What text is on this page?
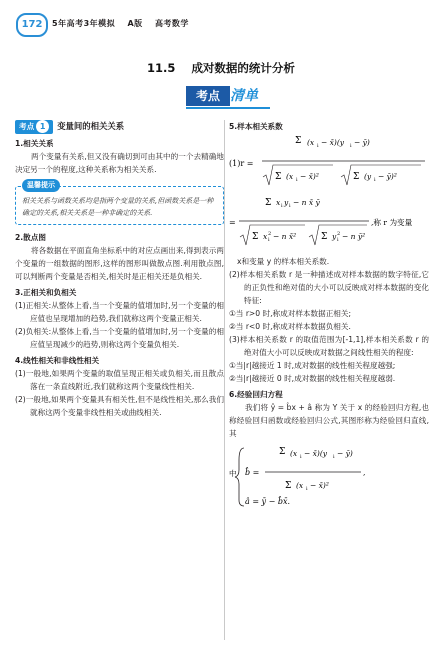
172	5年高考3年模拟 A版 高考数学
11.5 成对数据的统计分析
考点 清单
考点 1 变量间的相关关系
1.相关关系
两个变量有关系,但又没有确切到可由其中的一个去精确地决定另一个的程度,这种关系称为相关关系.
温馨提示
相关关系与函数关系均是指两个变量的关系,但函数关系是一种确定的关系,相关关系是一种非确定的关系.
2.散点图
将各数据在平面直角坐标系中的对应点画出来,得到表示两个变量的一组数据的图形,这样的图形叫做散点图.利用散点图,可以判断两个变量是否相关,相关时是正相关还是负相关.
3.正相关和负相关
(1)正相关:从整体上看,当一个变量的值增加时,另一个变量的相应值也呈现增加的趋势,我们就称这两个变量正相关.
(2)负相关:从整体上看,当一个变量的值增加时,另一个变量的相应值呈现减少的趋势,则称这两个变量负相关.
4.线性相关和非线性相关
(1)一般地,如果两个变量的取值呈现正相关或负相关,而且散点落在一条直线附近,我们就称这两个变量线性相关.
(2)一般地,如果两个变量具有相关性,但不是线性相关,那么我们就称这两个变量非线性相关或曲线相关.
5.样本相关系数
(1)r =
Σ (x i − x̄)(y i − ȳ)
Σ (x i − x̄)²	Σ (y i − ȳ)²

=
Σ x i y i − n x̄ ȳ
Σ x i
2 − n x̄²	Σ y i
2 − n ȳ²
,称 r 为变量
x和变量 y 的样本相关系数.
(2)样本相关系数 r 是一种描述成对样本数据的数字特征,它的正负性和绝对值的大小可以反映成对样本数据的变化特征:
①当 r>0 时,称成对样本数据正相关;
②当 r<0 时,称成对样本数据负相关.
(3)样本相关系数 r 的取值范围为[-1,1],样本相关系数 r 的绝对值大小可以反映成对数据之间线性相关的程度:
①当|r|越接近 1 时,成对数据的线性相关程度越强;
②当|r|越接近 0 时,成对数据的线性相关程度越弱.
6.经验回归方程
我们将 ŷ = b̂x + â 称为 Y 关于 x 的经验回归方程,也称经验回归函数或经验回归公式,其图形称为经验回归直线,其
中 b̂ =
Σ (x i − x̄)(y i − ȳ)
Σ (x i − x̄)²
,
â = ȳ − b̂x̄.
